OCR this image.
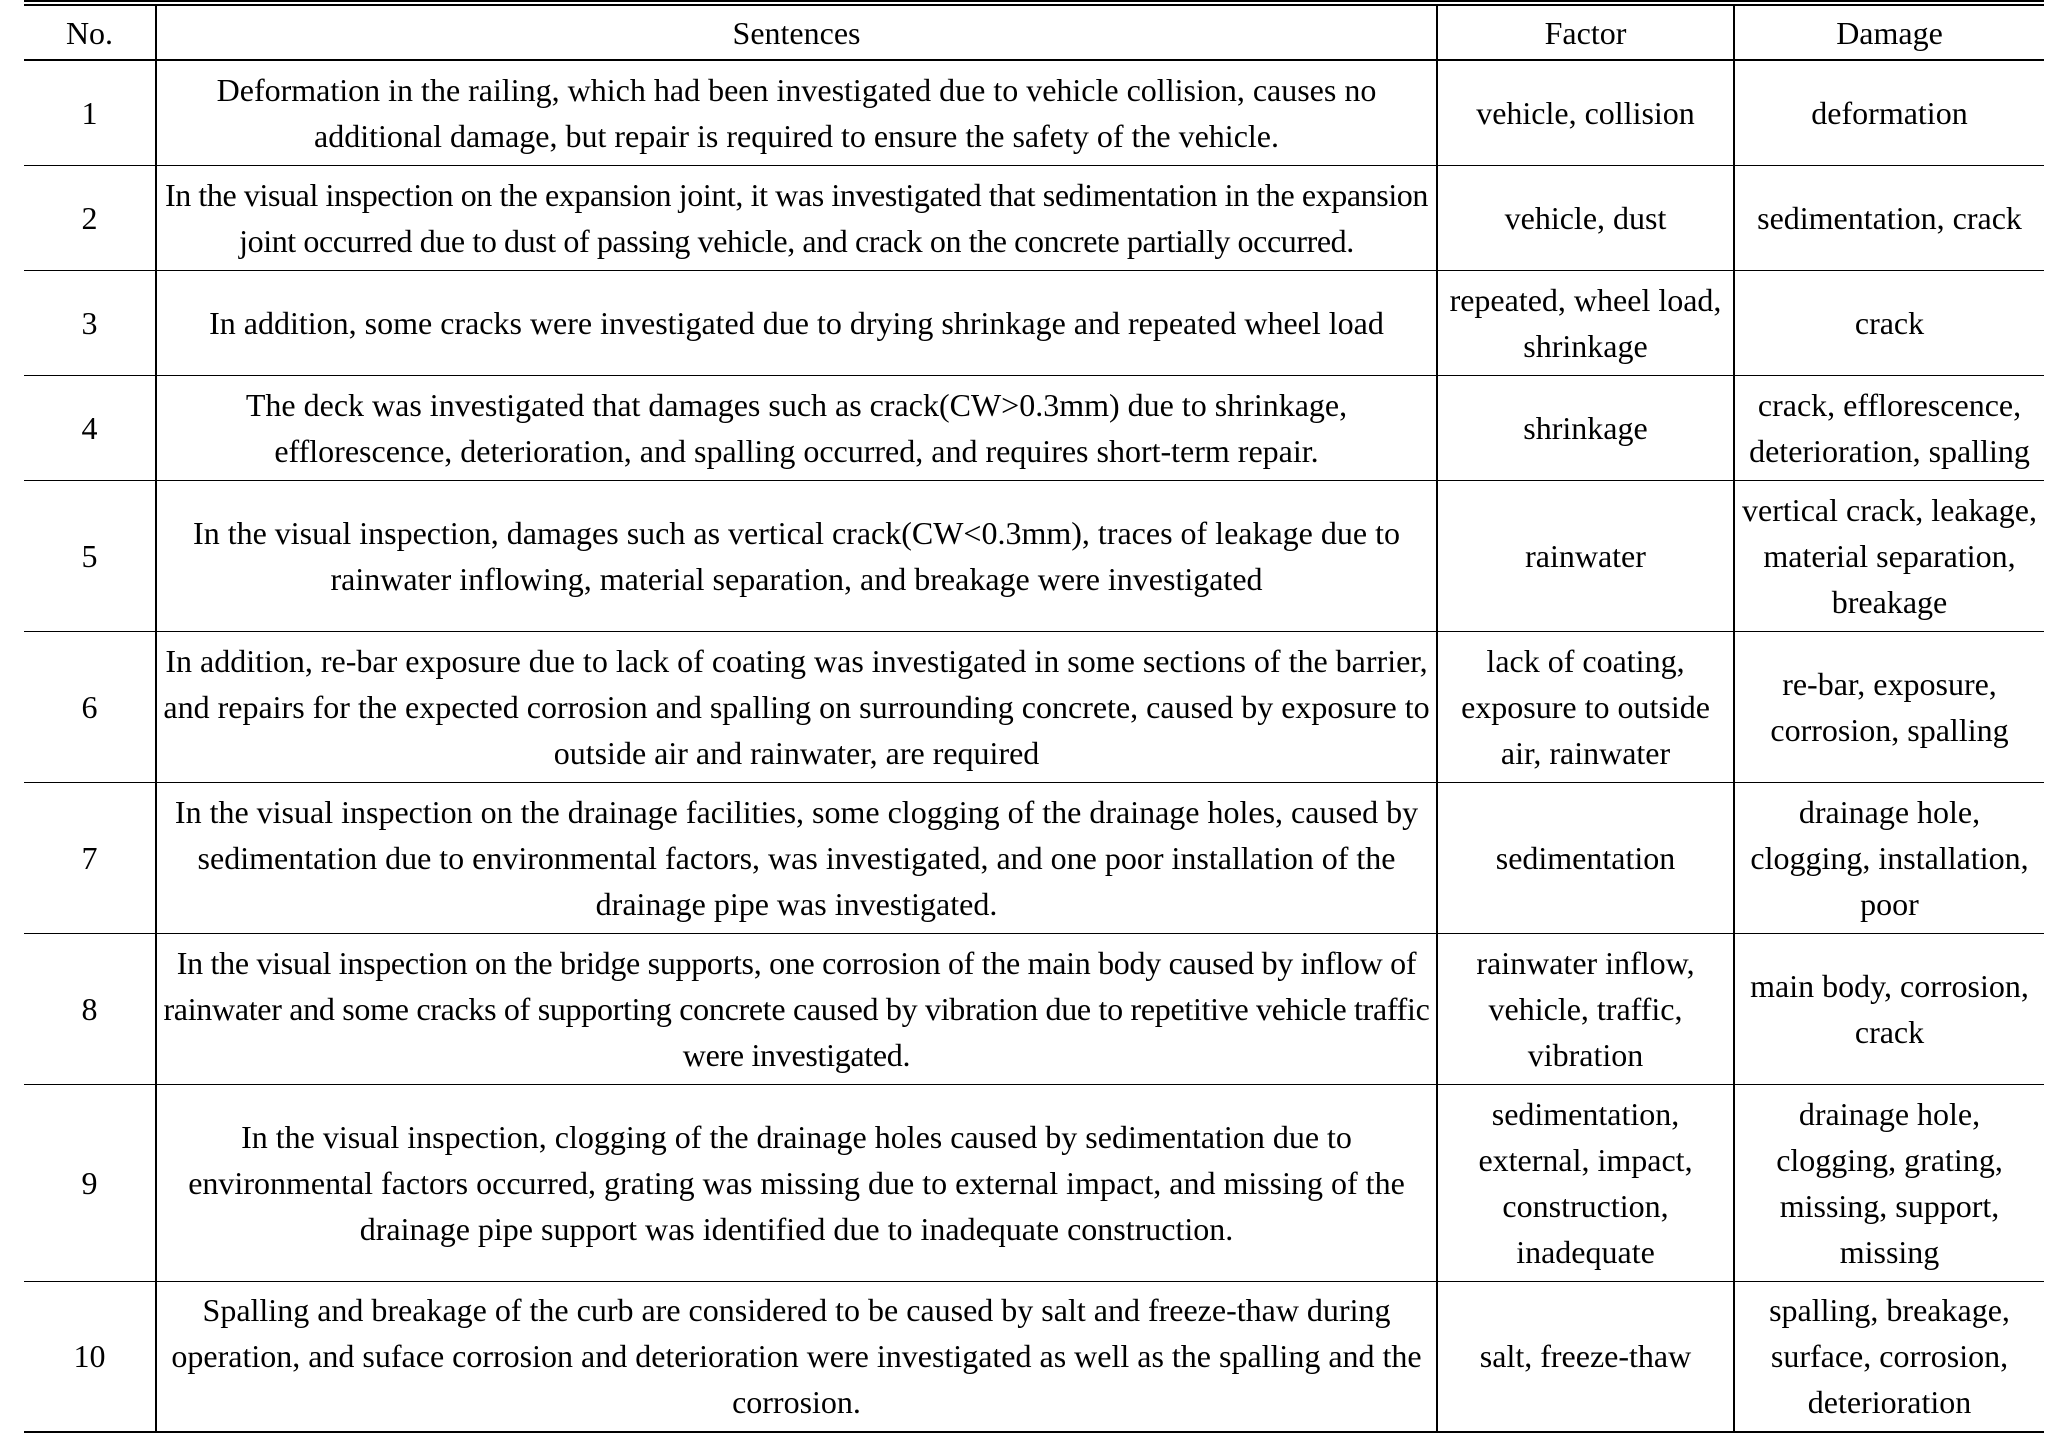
No.	Sentences	Factor	Damage
1	Deformation in the railing, which had been investigated due to vehicle collision, causes no additional damage, but repair is required to ensure the safety of the vehicle.	vehicle, collision	deformation
2	In the visual inspection on the expansion joint, it was investigated that sedimentation in the expansion joint occurred due to dust of passing vehicle, and crack on the concrete partially occurred.	vehicle, dust	sedimentation, crack
3	In addition, some cracks were investigated due to drying shrinkage and repeated wheel load	repeated, wheel load, shrinkage	crack
4	The deck was investigated that damages such as crack(CW>0.3mm) due to shrinkage, efflorescence, deterioration, and spalling occurred, and requires short-term repair.	shrinkage	crack, efflorescence, deterioration, spalling
5	In the visual inspection, damages such as vertical crack(CW<0.3mm), traces of leakage due to rainwater inflowing, material separation, and breakage were investigated	rainwater	vertical crack, leakage, material separation, breakage
6	In addition, re-bar exposure due to lack of coating was investigated in some sections of the barrier, and repairs for the expected corrosion and spalling on surrounding concrete, caused by exposure to outside air and rainwater, are required	lack of coating, exposure to outside air, rainwater	re-bar, exposure, corrosion, spalling
7	In the visual inspection on the drainage facilities, some clogging of the drainage holes, caused by sedimentation due to environmental factors, was investigated, and one poor installation of the drainage pipe was investigated.	sedimentation	drainage hole, clogging, installation, poor
8	In the visual inspection on the bridge supports, one corrosion of the main body caused by inflow of rainwater and some cracks of supporting concrete caused by vibration due to repetitive vehicle traffic were investigated.	rainwater inflow, vehicle, traffic, vibration	main body, corrosion, crack
9	In the visual inspection, clogging of the drainage holes caused by sedimentation due to environmental factors occurred, grating was missing due to external impact, and missing of the drainage pipe support was identified due to inadequate construction.	sedimentation, external, impact, construction, inadequate	drainage hole, clogging, grating, missing, support, missing
10	Spalling and breakage of the curb are considered to be caused by salt and freeze-thaw during operation, and suface corrosion and deterioration were investigated as well as the spalling and the corrosion.	salt, freeze-thaw	spalling, breakage, surface, corrosion, deterioration
